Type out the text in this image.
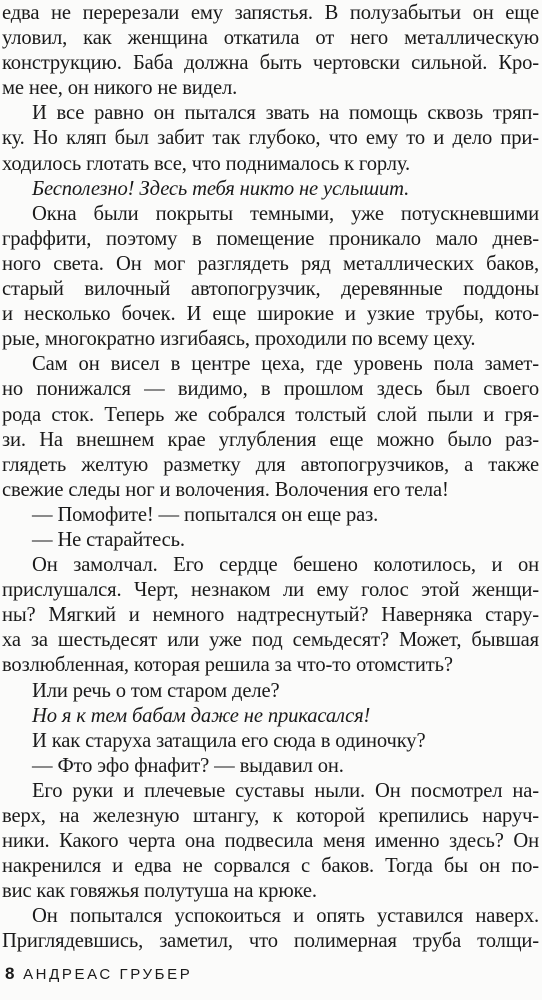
едва не перерезали ему запястья. В полузабытьи он еще
уловил, как женщина откатила от него металлическую
конструкцию. Баба должна быть чертовски сильной. Кро-
ме нее, он никого не видел.
И все равно он пытался звать на помощь сквозь тряп-
ку. Но кляп был забит так глубоко, что ему то и дело при-
ходилось глотать все, что поднималось к горлу.
Бесполезно! Здесь тебя никто не услышит.
Окна были покрыты темными, уже потускневшими
граффити, поэтому в помещение проникало мало днев-
ного света. Он мог разглядеть ряд металлических баков,
старый вилочный автопогрузчик, деревянные поддоны
и несколько бочек. И еще широкие и узкие трубы, кото-
рые, многократно изгибаясь, проходили по всему цеху.
Сам он висел в центре цеха, где уровень пола замет-
но понижался — видимо, в прошлом здесь был своего
рода сток. Теперь же собрался толстый слой пыли и гря-
зи. На внешнем крае углубления еще можно было раз-
глядеть желтую разметку для автопогрузчиков, а также
свежие следы ног и волочения. Волочения его тела!
— Помофите! — попытался он еще раз.
— Не старайтесь.
Он замолчал. Его сердце бешено колотилось, и он
прислушался. Черт, незнаком ли ему голос этой женщи-
ны? Мягкий и немного надтреснутый? Наверняка стару-
ха за шестьдесят или уже под семьдесят? Может, бывшая
возлюбленная, которая решила за что-то отомстить?
Или речь о том старом деле?
Но я к тем бабам даже не прикасался!
И как старуха затащила его сюда в одиночку?
— Фто эфо фнафит? — выдавил он.
Его руки и плечевые суставы ныли. Он посмотрел на-
верх, на железную штангу, к которой крепились наруч-
ники. Какого черта она подвесила меня именно здесь? Он
накренился и едва не сорвался с баков. Тогда бы он по-
вис как говяжья полутуша на крюке.
Он попытался успокоиться и опять уставился наверх.
Приглядевшись, заметил, что полимерная труба толщи-
8 АНДРЕАС ГРУБЕР
